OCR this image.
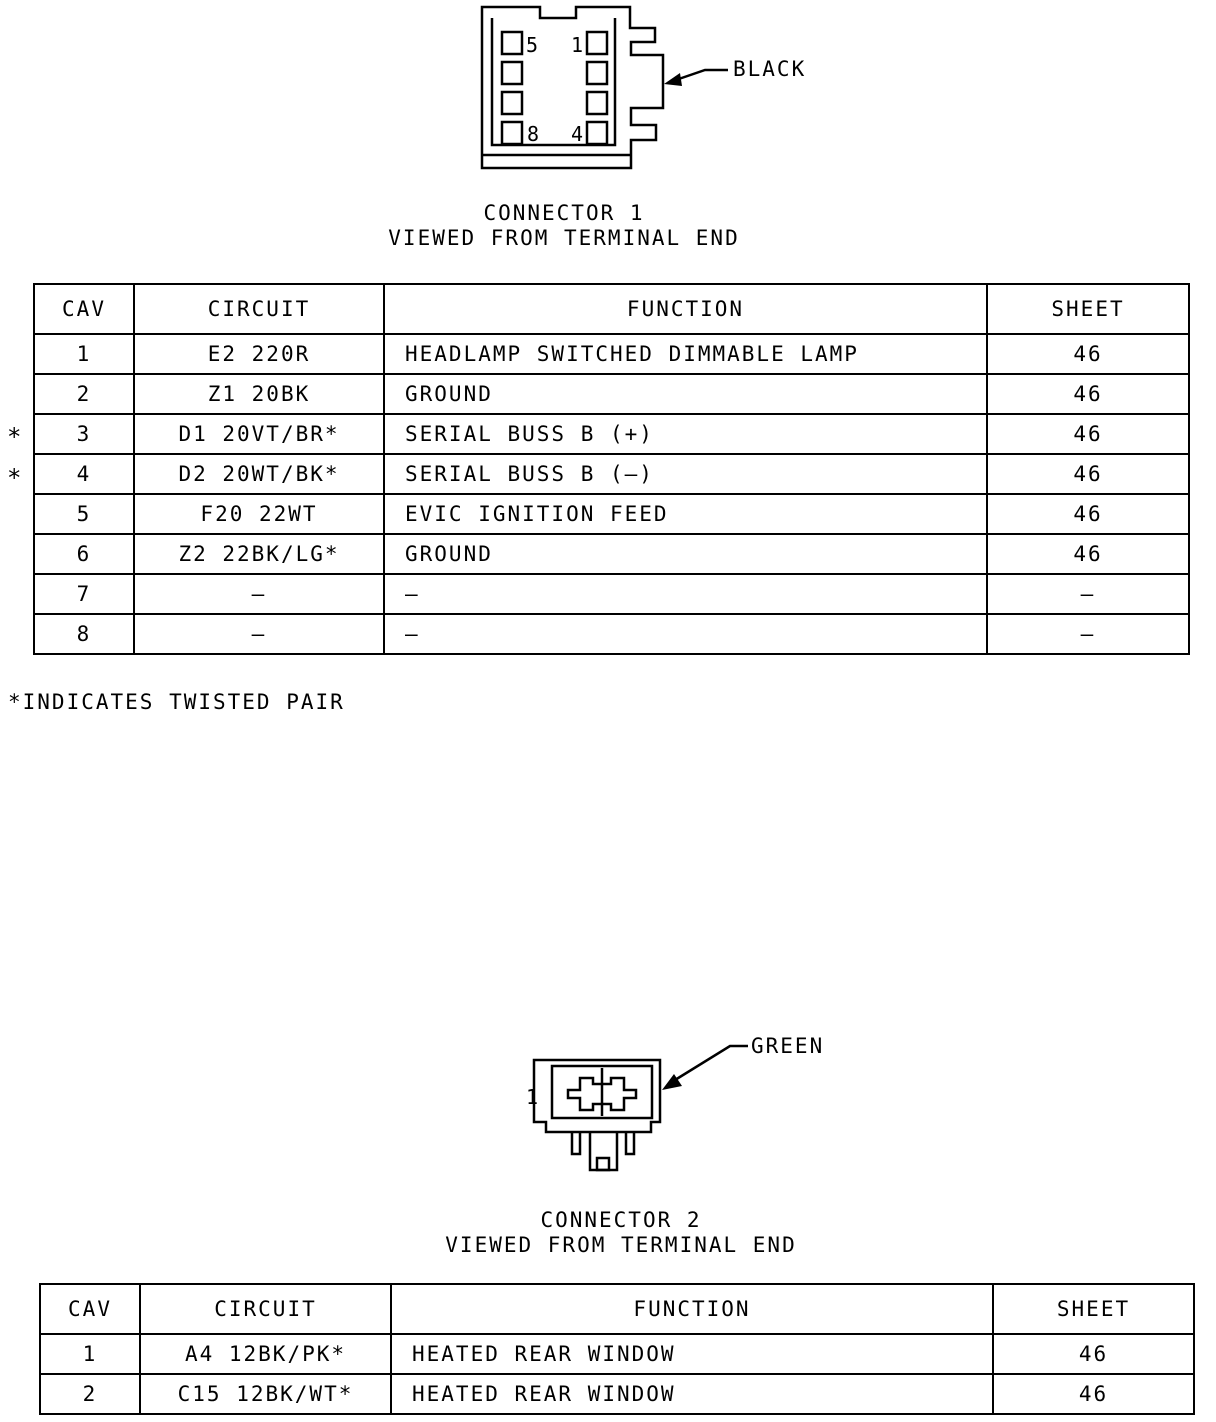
5 1
8 4
BLACK
CONNECTOR 1
VIEWED FROM TERMINAL END
*
*
CAV	CIRCUIT	FUNCTION	SHEET
1	E2 220R	HEADLAMP SWITCHED DIMMABLE LAMP	46
2	Z1 20BK	GROUND	46
3	D1 20VT/BR*	SERIAL BUSS B (+)	46
4	D2 20WT/BK*	SERIAL BUSS B (–)	46
5	F20 22WT	EVIC IGNITION FEED	46
6	Z2 22BK/LG*	GROUND	46
7	—	—	—
8	—	—	—
*INDICATES TWISTED PAIR
1
GREEN
CONNECTOR 2
VIEWED FROM TERMINAL END
CAV	CIRCUIT	FUNCTION	SHEET
1	A4 12BK/PK*	HEATED REAR WINDOW	46
2	C15 12BK/WT*	HEATED REAR WINDOW	46
